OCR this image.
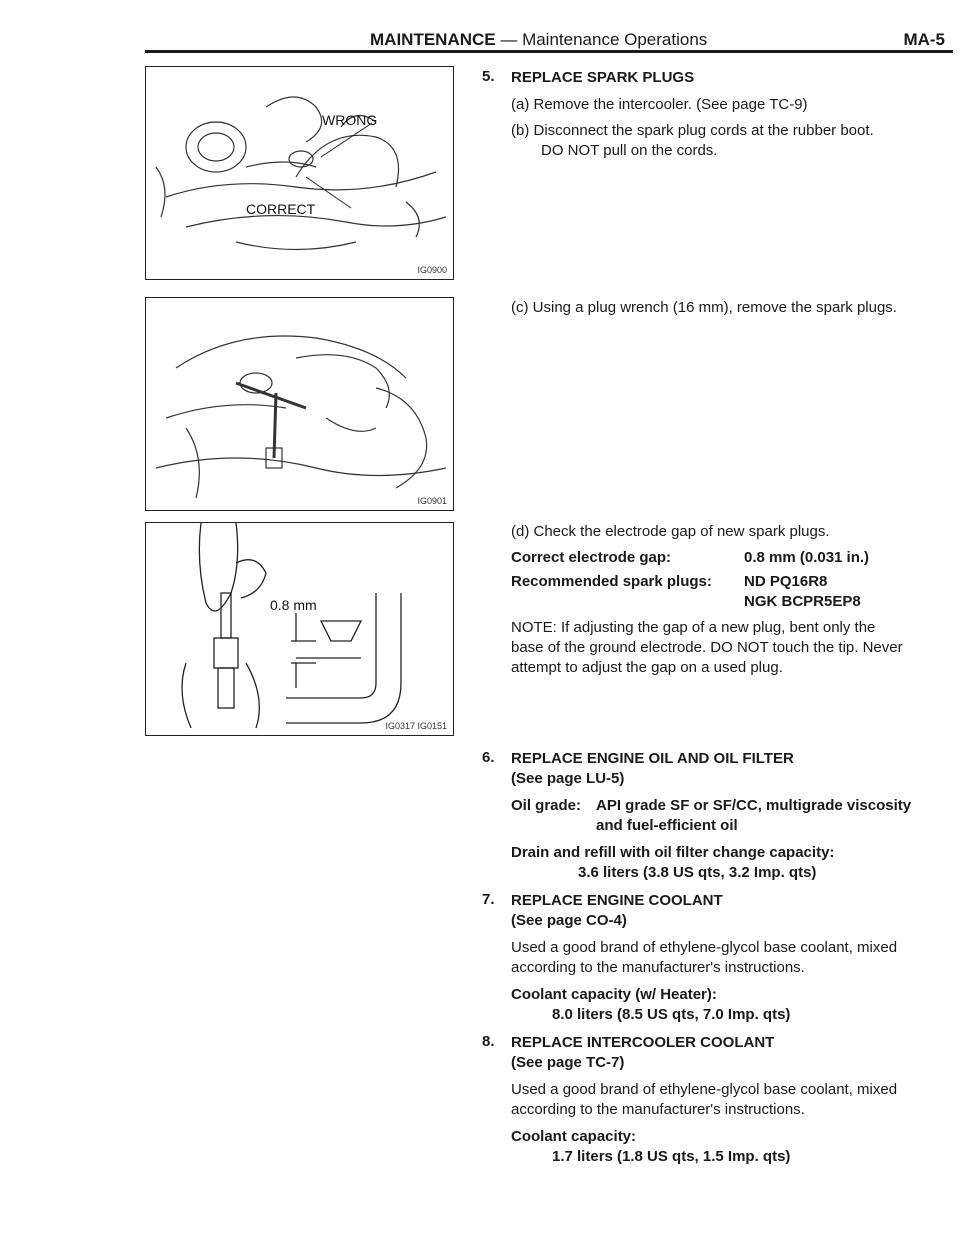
MAINTENANCE — Maintenance Operations	MA-5
WRONG
CORRECT
IG0900
IG0901
0.8 mm
IG0317 IG0151
5. REPLACE SPARK PLUGS
(a) Remove the intercooler. (See page TC-9)
(b) Disconnect the spark plug cords at the rubber boot.
DO NOT pull on the cords.
(c) Using a plug wrench (16 mm), remove the spark plugs.
(d) Check the electrode gap of new spark plugs.
Correct electrode gap:	0.8 mm (0.031 in.)
Recommended spark plugs: ND PQ16R8
NGK BCPR5EP8
NOTE: If adjusting the gap of a new plug, bent only the
base of the ground electrode. DO NOT touch the tip. Never
attempt to adjust the gap on a used plug.
6. REPLACE ENGINE OIL AND OIL FILTER
(See page LU-5)
Oil grade: API grade SF or SF/CC, multigrade viscosity
and fuel-efficient oil
Drain and refill with oil filter change capacity:
3.6 liters (3.8 US qts, 3.2 Imp. qts)
7. REPLACE ENGINE COOLANT
(See page CO-4)
Used a good brand of ethylene-glycol base coolant, mixed
according to the manufacturer's instructions.
Coolant capacity (w/ Heater):
8.0 liters (8.5 US qts, 7.0 Imp. qts)
8. REPLACE INTERCOOLER COOLANT
(See page TC-7)
Used a good brand of ethylene-glycol base coolant, mixed
according to the manufacturer's instructions.
Coolant capacity:
1.7 liters (1.8 US qts, 1.5 Imp. qts)
